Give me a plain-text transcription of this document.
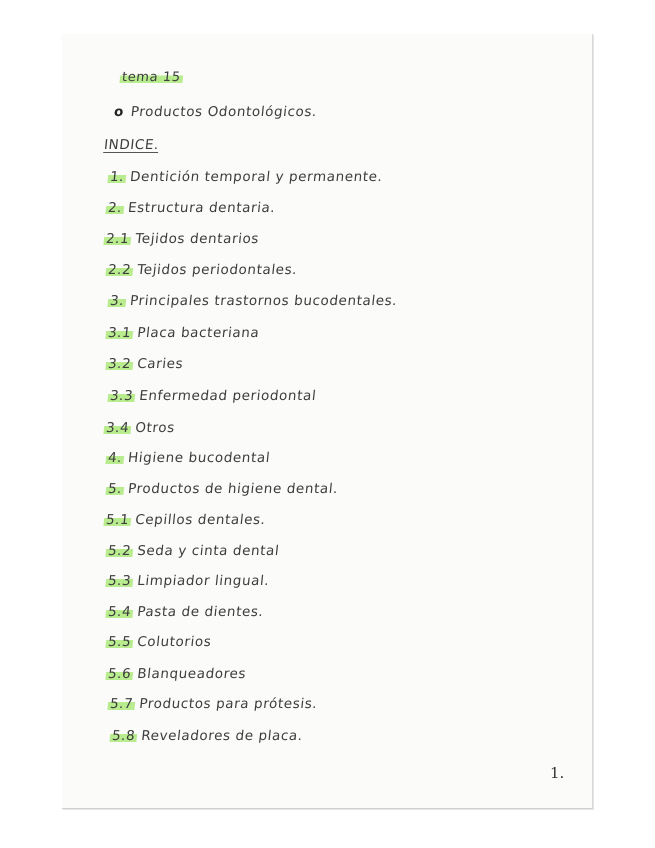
tema 15
o Productos Odontológicos.
INDICE.
1. Dentición temporal y permanente.
2. Estructura dentaria.
2.1 Tejidos dentarios
2.2 Tejidos periodontales.
3. Principales trastornos bucodentales.
3.1 Placa bacteriana
3.2 Caries
3.3 Enfermedad periodontal
3.4 Otros
4. Higiene bucodental
5. Productos de higiene dental.
5.1 Cepillos dentales.
5.2 Seda y cinta dental
5.3 Limpiador lingual.
5.4 Pasta de dientes.
5.5 Colutorios
5.6 Blanqueadores
5.7 Productos para prótesis.
5.8 Reveladores de placa.
1.
